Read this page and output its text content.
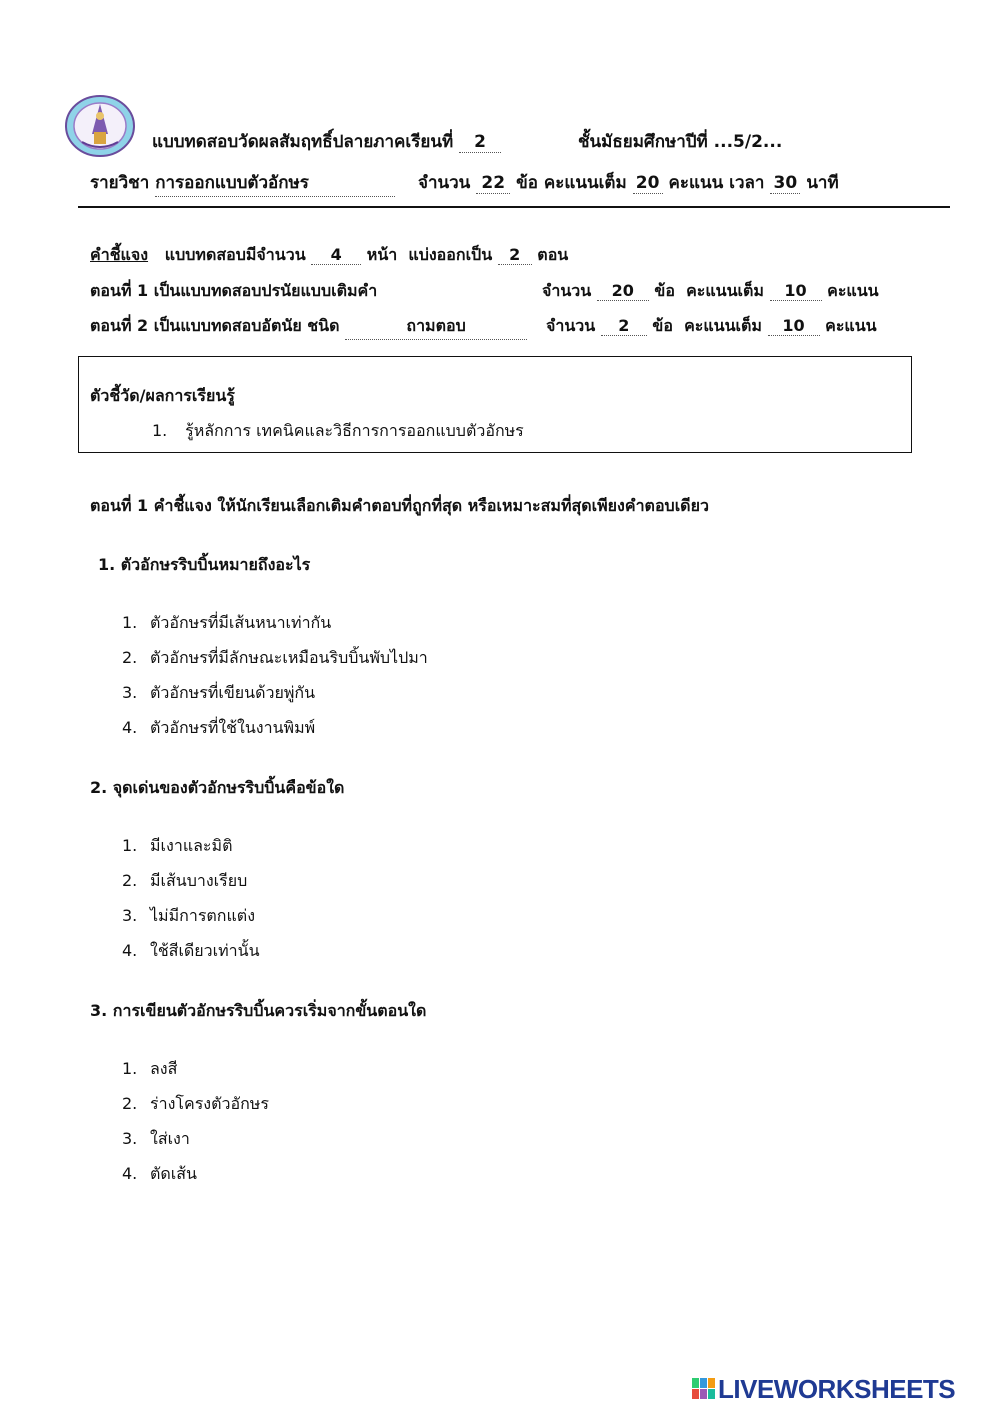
แบบทดสอบวัดผลสัมฤทธิ์ปลายภาคเรียนที่ 2	ชั้นมัธยมศึกษาปีที่ ...5/2...
รายวิชา การออกแบบตัวอักษร	จำนวน 22 ข้อ คะแนนเต็ม 20 คะแนน เวลา 30 นาที
คำชี้แจง แบบทดสอบมีจำนวน 4 หน้า แบ่งออกเป็น 2 ตอน
ตอนที่ 1 เป็นแบบทดสอบปรนัยแบบเติมคำ	จำนวน 20 ข้อ คะแนนเต็ม 10 คะแนน
ตอนที่ 2 เป็นแบบทดสอบอัตนัย ชนิด	ถามตอบ	จำนวน 2 ข้อ คะแนนเต็ม 10 คะแนน
ตัวชี้วัด/ผลการเรียนรู้
1. รู้หลักการ เทคนิคและวิธีการการออกแบบตัวอักษร
ตอนที่ 1 คำชี้แจง ให้นักเรียนเลือกเติมคำตอบที่ถูกที่สุด หรือเหมาะสมที่สุดเพียงคำตอบเดียว
1. ตัวอักษรริบบิ้นหมายถึงอะไร
1. ตัวอักษรที่มีเส้นหนาเท่ากัน
2. ตัวอักษรที่มีลักษณะเหมือนริบบิ้นพับไปมา
3. ตัวอักษรที่เขียนด้วยพู่กัน
4. ตัวอักษรที่ใช้ในงานพิมพ์
2. จุดเด่นของตัวอักษรริบบิ้นคือข้อใด
1. มีเงาและมิติ
2. มีเส้นบางเรียบ
3. ไม่มีการตกแต่ง
4. ใช้สีเดียวเท่านั้น
3. การเขียนตัวอักษรริบบิ้นควรเริ่มจากขั้นตอนใด
1. ลงสี
2. ร่างโครงตัวอักษร
3. ใส่เงา
4. ตัดเส้น
LIVEWORKSHEETS
